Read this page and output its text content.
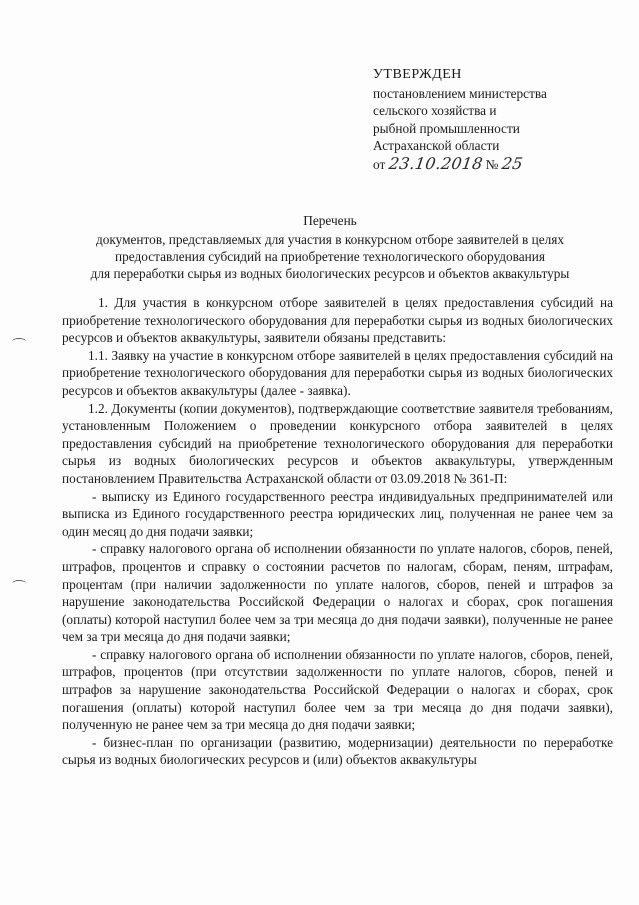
УТВЕРЖДЕН
постановлением министерства
сельского хозяйства и
рыбной промышленности
Астраханской области
от 23.10.2018 № 25
Перечень
документов, представляемых для участия в конкурсном отборе заявителей в целях
предоставления субсидий на приобретение технологического оборудования
для переработки сырья из водных биологических ресурсов и объектов аквакультуры

1. Для участия в конкурсном отборе заявителей в целях предоставления субсидий на приобретение технологического оборудования для переработки сырья из водных биологических ресурсов и объектов аквакультуры, заявители обязаны представить:

1.1. Заявку на участие в конкурсном отборе заявителей в целях предоставления субсидий на приобретение технологического оборудования для переработки сырья из водных биологических ресурсов и объектов аквакультуры (далее - заявка).

1.2. Документы (копии документов), подтверждающие соответствие заявителя требованиям, установленным Положением о проведении конкурсного отбора заявителей в целях предоставления субсидий на приобретение технологического оборудования для переработки сырья из водных биологических ресурсов и объектов аквакультуры, утвержденным постановлением Правительства Астраханской области от 03.09.2018 № 361-П:

- выписку из Единого государственного реестра индивидуальных предпринимателей или выписка из Единого государственного реестра юридических лиц, полученная не ранее чем за один месяц до дня подачи заявки;

- справку налогового органа об исполнении обязанности по уплате налогов, сборов, пеней, штрафов, процентов и справку о состоянии расчетов по налогам, сборам, пеням, штрафам, процентам (при наличии задолженности по уплате налогов, сборов, пеней и штрафов за нарушение законодательства Российской Федерации о налогах и сборах, срок погашения (оплаты) которой наступил более чем за три месяца до дня подачи заявки), полученные не ранее чем за три месяца до дня подачи заявки;

- справку налогового органа об исполнении обязанности по уплате налогов, сборов, пеней, штрафов, процентов (при отсутствии задолженности по уплате налогов, сборов, пеней и штрафов за нарушение законодательства Российской Федерации о налогах и сборах, срок погашения (оплаты) которой наступил более чем за три месяца до дня подачи заявки), полученную не ранее чем за три месяца до дня подачи заявки;

- бизнес-план по организации (развитию, модернизации) деятельности по переработке сырья из водных биологических ресурсов и (или) объектов аквакультуры
